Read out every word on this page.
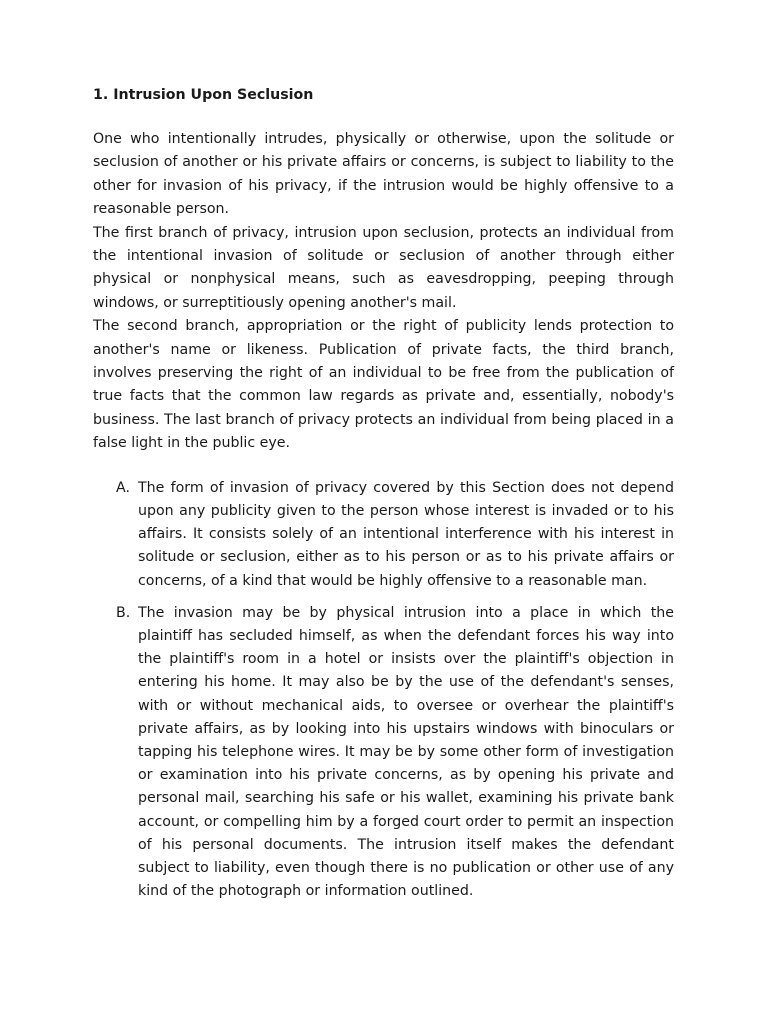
1. Intrusion Upon Seclusion

One who intentionally intrudes, physically or otherwise, upon the solitude or seclusion of another or his private affairs or concerns, is subject to liability to the other for invasion of his privacy, if the intrusion would be highly offensive to a reasonable person.

The first branch of privacy, intrusion upon seclusion, protects an individual from the intentional invasion of solitude or seclusion of another through either physical or nonphysical means, such as eavesdropping, peeping through windows, or surreptitiously opening another's mail.

The second branch, appropriation or the right of publicity lends protection to another's name or likeness. Publication of private facts, the third branch, involves preserving the right of an individual to be free from the publication of true facts that the common law regards as private and, essentially, nobody's business. The last branch of privacy protects an individual from being placed in a false light in the public eye.

A. The form of invasion of privacy covered by this Section does not depend upon any publicity given to the person whose interest is invaded or to his affairs. It consists solely of an intentional interference with his interest in solitude or seclusion, either as to his person or as to his private affairs or concerns, of a kind that would be highly offensive to a reasonable man.

B. The invasion may be by physical intrusion into a place in which the plaintiff has secluded himself, as when the defendant forces his way into the plaintiff's room in a hotel or insists over the plaintiff's objection in entering his home. It may also be by the use of the defendant's senses, with or without mechanical aids, to oversee or overhear the plaintiff's private affairs, as by looking into his upstairs windows with binoculars or tapping his telephone wires. It may be by some other form of investigation or examination into his private concerns, as by opening his private and personal mail, searching his safe or his wallet, examining his private bank account, or compelling him by a forged court order to permit an inspection of his personal documents. The intrusion itself makes the defendant subject to liability, even though there is no publication or other use of any kind of the photograph or information outlined.
